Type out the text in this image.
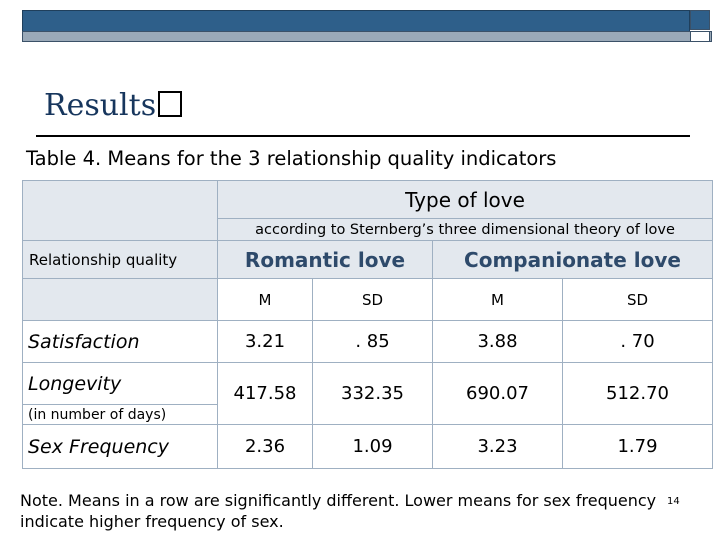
Results
Table 4. Means for the 3 relationship quality indicators
	Type of love			
	according to Sternberg’s three dimensional theory of love			
Relationship quality	Romantic love		Companionate love	
	M	SD	M	SD
Satisfaction	3.21	. 85	3.88	. 70
Longevity	417.58	332.35	690.07	512.70
(in number of days)				
Sex Frequency	2.36	1.09	3.23	1.79
Note. Means in a row are significantly different. Lower means for sex frequency indicate higher frequency of sex.
14
